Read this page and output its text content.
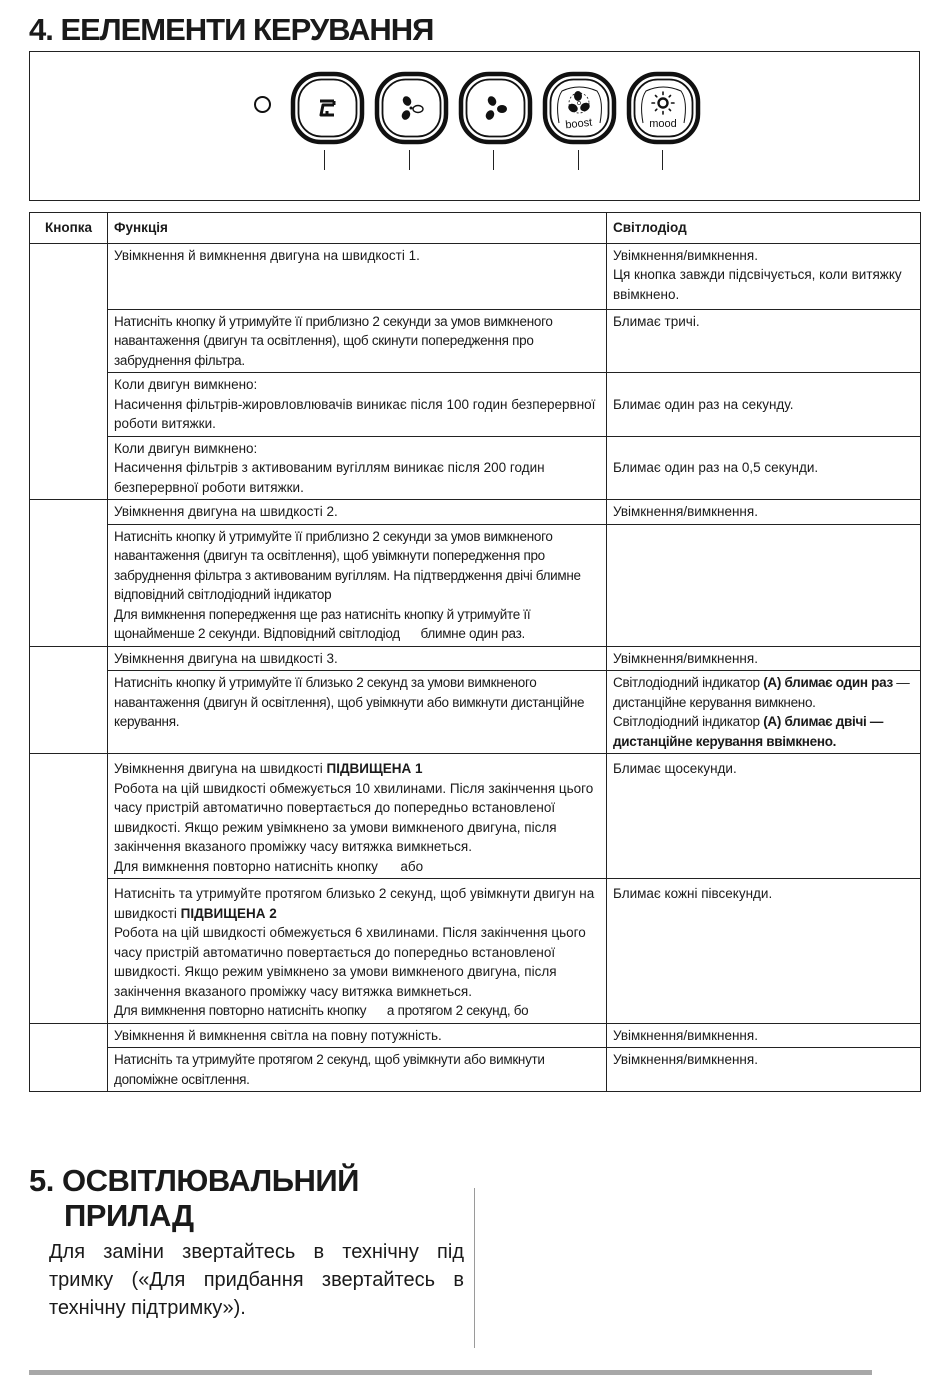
4. ЕЕЛЕМЕНТИ КЕРУВАННЯ
boost	mood
Кнопка	Функція	Світлодіод
	Увімкнення й вимкнення двигуна на швидкості 1.	Увімкнення/вимкнення.
Ця кнопка завжди підсвічується, коли витяжку ввімкнено.

	Натисніть кнопку й утримуйте її приблизно 2 секунди за умов вимкненого навантаження (двигун та освітлення), щоб скинути попередження про забруднення фільтра.	Блимає тричі.

	Коли двигун вимкнено:
Насичення фільтрів-жировловлювачів виникає після 100 годин безперервної роботи витяжки.	Блимає один раз на секунду.

	Коли двигун вимкнено:
Насичення фільтрів з активованим вугіллям виникає після 200 годин безперервної роботи витяжки.	Блимає один раз на 0,5 секунди.
	Увімкнення двигуна на швидкості 2.	Увімкнення/вимкнення.

	Натисніть кнопку й утримуйте її приблизно 2 секунди за умов вимкненого навантаження (двигун та освітлення), щоб увімкнути попередження про забруднення фільтра з активованим вугіллям. На підтвердження двічі блимне відповідний світлодіодний індикатор
Для вимкнення попередження ще раз натисніть кнопку й утримуйте її щонайменше 2 секунди. Відповідний світлодіод      блимне один раз.	

	Увімкнення двигуна на швидкості 3.	Увімкнення/вимкнення.
	Натисніть кнопку й утримуйте її близько 2 секунд за умови вимкненого навантаження (двигун й освітлення), щоб увімкнути або вимкнути дистанційне керування.	Світлодіодний індикатор (А) блимає один раз — дистанційне керування вимкнено.
Світлодіодний індикатор (А) блимає двічі — дистанційне керування ввімкнено.

	Увімкнення двигуна на швидкості ПІДВИЩЕНА 1
Робота на цій швидкості обмежується 10 хвилинами. Після закінчення цього часу пристрій автоматично повертається до попередньо встановленої швидкості. Якщо режим увімкнено за умови вимкненого двигуна, після закінчення вказаного проміжку часу витяжка вимкнеться.
Для вимкнення повторно натисніть кнопку      або	Блимає щосекунди.

	Натисніть та утримуйте протягом близько 2 секунд, щоб увімкнути двигун на швидкості ПІДВИЩЕНА 2
Робота на цій швидкості обмежується 6 хвилинами. Після закінчення цього часу пристрій автоматично повертається до попередньо встановленої швидкості. Якщо режим увімкнено за умови вимкненого двигуна, після закінчення вказаного проміжку часу витяжка вимкнеться.
Для вимкнення повторно натисніть кнопку      а протягом 2 секунд, бо	Блимає кожні півсекунди.
	Увімкнення й вимкнення світла на повну потужність.	Увімкнення/вимкнення.
	Натисніть та утримуйте протягом 2 секунд, щоб увімкнути або вимкнути допоміжне освітлення.	Увімкнення/вимкнення.
5. ОСВІТЛЮВАЛЬНИЙ
ПРИЛАД

Для заміни звертайтесь в технічну під тримку («Для придбання звертайтесь в технічну підтримку»).
